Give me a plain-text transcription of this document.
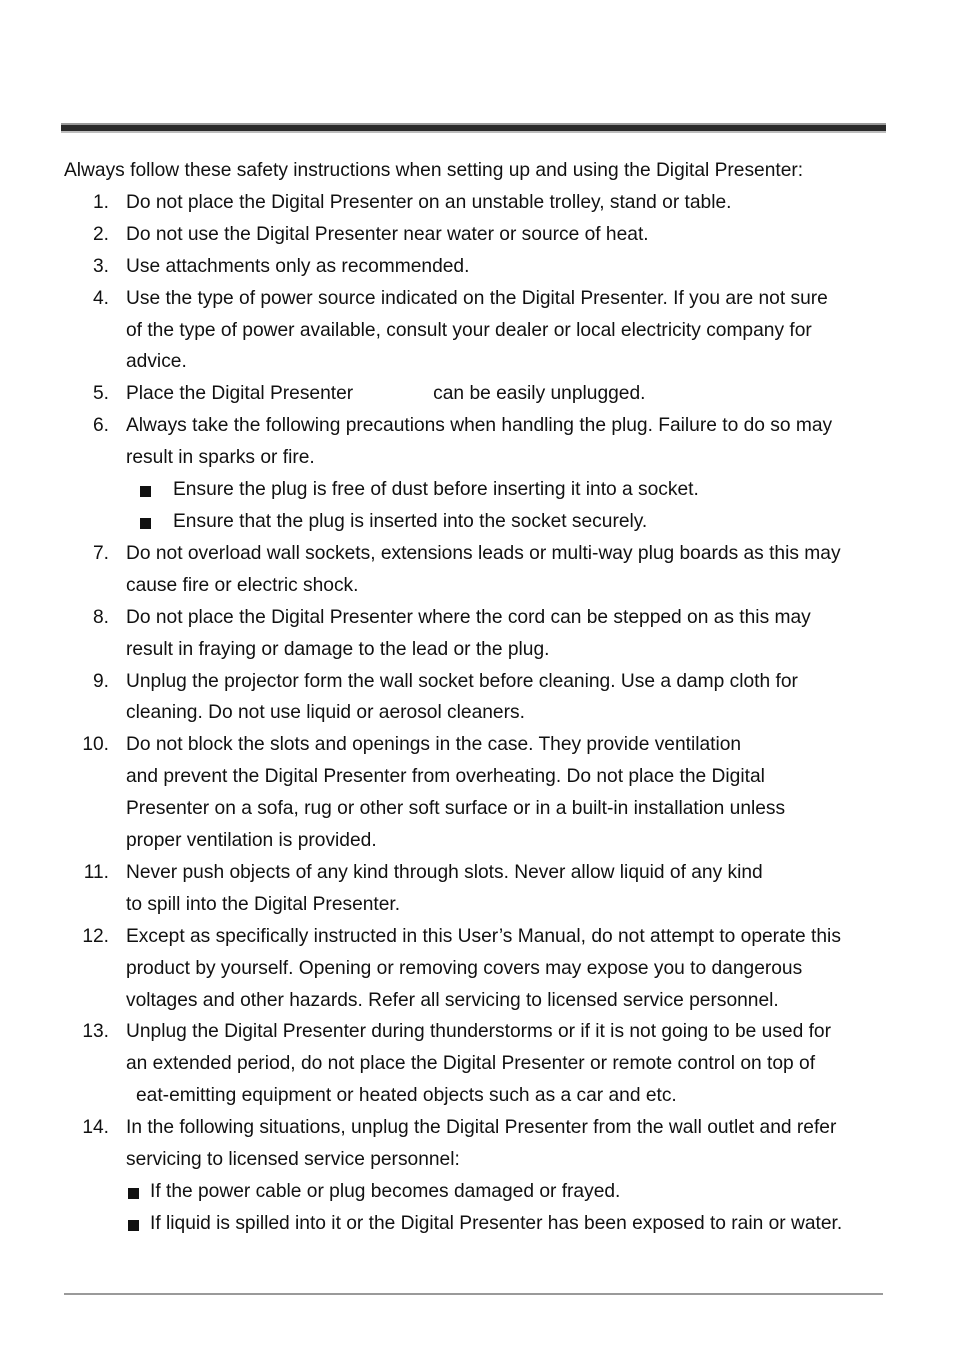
Always follow these safety instructions when setting up and using the Digital Presenter:

1. Do not place the Digital Presenter on an unstable trolley, stand or table.
2. Do not use the Digital Presenter near water or source of heat.
3. Use attachments only as recommended.
4. Use the type of power source indicated on the Digital Presenter. If you are not sure
of the type of power available, consult your dealer or local electricity company for
advice.
5. Place the Digital Presenter	can be easily unplugged.
6. Always take the following precautions when handling the plug. Failure to do so may
result in sparks or fire.
Ensure the plug is free of dust before inserting it into a socket.
Ensure that the plug is inserted into the socket securely.
7. Do not overload wall sockets, extensions leads or multi-way plug boards as this may
cause fire or electric shock.
8. Do not place the Digital Presenter where the cord can be stepped on as this may
result in fraying or damage to the lead or the plug.
9. Unplug the projector form the wall socket before cleaning. Use a damp cloth for
cleaning. Do not use liquid or aerosol cleaners.
10. Do not block the slots and openings in the case. They provide ventilation
and prevent the Digital Presenter from overheating. Do not place the Digital
Presenter on a sofa, rug or other soft surface or in a built-in installation unless
proper ventilation is provided.
11. Never push objects of any kind through slots. Never allow liquid of any kind
to spill into the Digital Presenter.
12. Except as specifically instructed in this User’s Manual, do not attempt to operate this
product by yourself. Opening or removing covers may expose you to dangerous
voltages and other hazards. Refer all servicing to licensed service personnel.
13. Unplug the Digital Presenter during thunderstorms or if it is not going to be used for
an extended period, do not place the Digital Presenter or remote control on top of
eat-emitting equipment or heated objects such as a car and etc.
14. In the following situations, unplug the Digital Presenter from the wall outlet and refer
servicing to licensed service personnel:
If the power cable or plug becomes damaged or frayed.
If liquid is spilled into it or the Digital Presenter has been exposed to rain or water.
